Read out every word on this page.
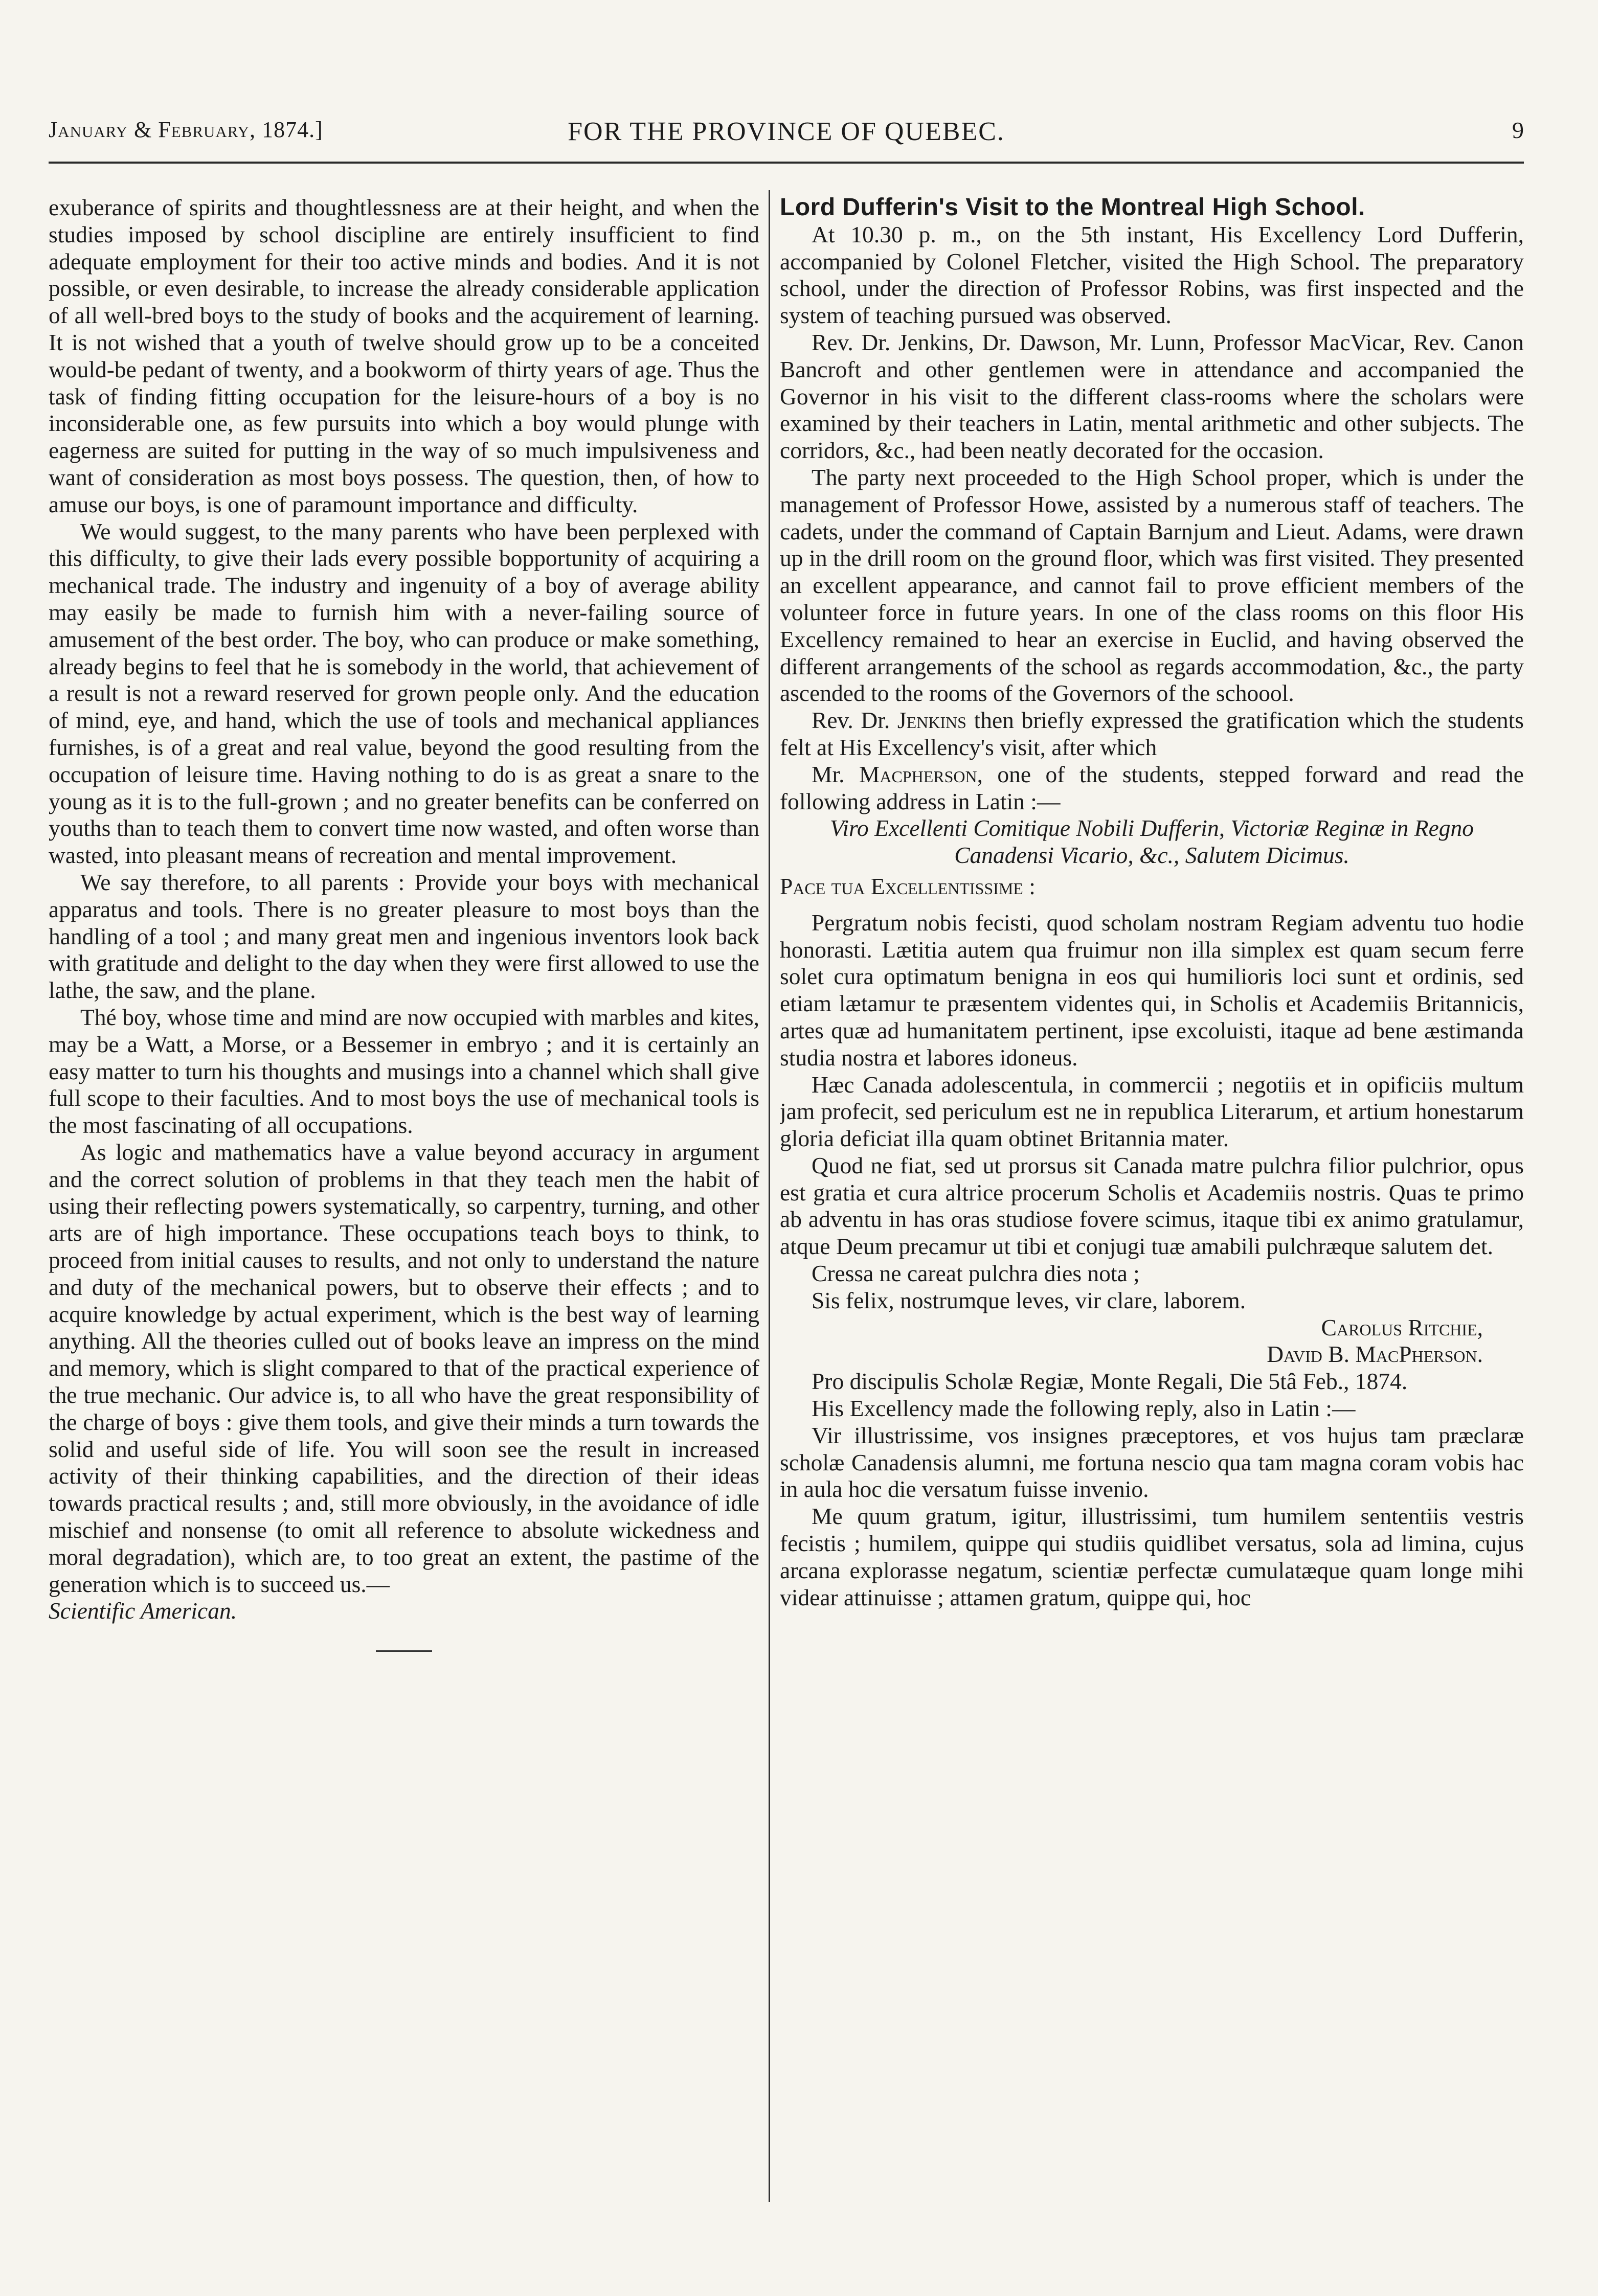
January & February, 1874.]	FOR THE PROVINCE OF QUEBEC.	9

exuberance of spirits and thoughtlessness are at their height, and when the studies imposed by school discipline are entirely insufficient to find adequate employment for their too active minds and bodies. And it is not possible, or even desirable, to increase the already considerable application of all well-bred boys to the study of books and the acquirement of learning. It is not wished that a youth of twelve should grow up to be a conceited would-be pedant of twenty, and a bookworm of thirty years of age. Thus the task of finding fitting occupation for the leisure-hours of a boy is no inconsiderable one, as few pursuits into which a boy would plunge with eagerness are suited for putting in the way of so much impulsiveness and want of consideration as most boys possess. The question, then, of how to amuse our boys, is one of paramount importance and difficulty.

We would suggest, to the many parents who have been perplexed with this difficulty, to give their lads every possible bopportunity of acquiring a mechanical trade. The industry and ingenuity of a boy of average ability may easily be made to furnish him with a never-failing source of amusement of the best order. The boy, who can produce or make something, already begins to feel that he is somebody in the world, that achievement of a result is not a reward reserved for grown people only. And the education of mind, eye, and hand, which the use of tools and mechanical appliances furnishes, is of a great and real value, beyond the good resulting from the occupation of leisure time. Having nothing to do is as great a snare to the young as it is to the full-grown ; and no greater benefits can be conferred on youths than to teach them to convert time now wasted, and often worse than wasted, into pleasant means of recreation and mental improvement.

We say therefore, to all parents : Provide your boys with mechanical apparatus and tools. There is no greater pleasure to most boys than the handling of a tool ; and many great men and ingenious inventors look back with gratitude and delight to the day when they were first allowed to use the lathe, the saw, and the plane.

Thé boy, whose time and mind are now occupied with marbles and kites, may be a Watt, a Morse, or a Bessemer in embryo ; and it is certainly an easy matter to turn his thoughts and musings into a channel which shall give full scope to their faculties. And to most boys the use of mechanical tools is the most fascinating of all occupations.

As logic and mathematics have a value beyond accuracy in argument and the correct solution of problems in that they teach men the habit of using their reflecting powers systematically, so carpentry, turning, and other arts are of high importance. These occupations teach boys to think, to proceed from initial causes to results, and not only to understand the nature and duty of the mechanical powers, but to observe their effects ; and to acquire knowledge by actual experiment, which is the best way of learning anything. All the theories culled out of books leave an impress on the mind and memory, which is slight compared to that of the practical experience of the true mechanic. Our advice is, to all who have the great responsibility of the charge of boys : give them tools, and give their minds a turn towards the solid and useful side of life. You will soon see the result in increased activity of their thinking capabilities, and the direction of their ideas towards practical results ; and, still more obviously, in the avoidance of idle mischief and nonsense (to omit all reference to absolute wickedness and moral degradation), which are, to too great an extent, the pastime of the generation which is to succeed us.—

Scientific American.

Lord Dufferin's Visit to the Montreal High School.

At 10.30 p. m., on the 5th instant, His Excellency Lord Dufferin, accompanied by Colonel Fletcher, visited the High School. The preparatory school, under the direction of Professor Robins, was first inspected and the system of teaching pursued was observed.

Rev. Dr. Jenkins, Dr. Dawson, Mr. Lunn, Professor MacVicar, Rev. Canon Bancroft and other gentlemen were in attendance and accompanied the Governor in his visit to the different class-rooms where the scholars were examined by their teachers in Latin, mental arithmetic and other subjects. The corridors, &c., had been neatly decorated for the occasion.

The party next proceeded to the High School proper, which is under the management of Professor Howe, assisted by a numerous staff of teachers. The cadets, under the command of Captain Barnjum and Lieut. Adams, were drawn up in the drill room on the ground floor, which was first visited. They presented an excellent appearance, and cannot fail to prove efficient members of the volunteer force in future years. In one of the class rooms on this floor His Excellency remained to hear an exercise in Euclid, and having observed the different arrangements of the school as regards accommodation, &c., the party ascended to the rooms of the Governors of the schoool.

Rev. Dr. Jenkins then briefly expressed the gratification which the students felt at His Excellency's visit, after which

Mr. Macpherson, one of the students, stepped forward and read the following address in Latin :—

Viro Excellenti Comitique Nobili Dufferin, Victoriæ Reginæ in Regno Canadensi Vicario, &c., Salutem Dicimus.

Pace tua Excellentissime :

Pergratum nobis fecisti, quod scholam nostram Regiam adventu tuo hodie honorasti. Lætitia autem qua fruimur non illa simplex est quam secum ferre solet cura optimatum benigna in eos qui humilioris loci sunt et ordinis, sed etiam lætamur te præsentem videntes qui, in Scholis et Academiis Britannicis, artes quæ ad humanitatem pertinent, ipse excoluisti, itaque ad bene æstimanda studia nostra et labores idoneus.

Hæc Canada adolescentula, in commercii ; negotiis et in opificiis multum jam profecit, sed periculum est ne in republica Literarum, et artium honestarum gloria deficiat illa quam obtinet Britannia mater.

Quod ne fiat, sed ut prorsus sit Canada matre pulchra filior pulchrior, opus est gratia et cura altrice procerum Scholis et Academiis nostris. Quas te primo ab adventu in has oras studiose fovere scimus, itaque tibi ex animo gratulamur, atque Deum precamur ut tibi et conjugi tuæ amabili pulchræque salutem det.

Cressa ne careat pulchra dies nota ;

Sis felix, nostrumque leves, vir clare, laborem.

Carolus Ritchie,

David B. MacPherson.

Pro discipulis Scholæ Regiæ, Monte Regali, Die 5tâ Feb., 1874.

His Excellency made the following reply, also in Latin :—

Vir illustrissime, vos insignes præceptores, et vos hujus tam præclaræ scholæ Canadensis alumni, me fortuna nescio qua tam magna coram vobis hac in aula hoc die versatum fuisse invenio.

Me quum gratum, igitur, illustrissimi, tum humilem sententiis vestris fecistis ; humilem, quippe qui studiis quidlibet versatus, sola ad limina, cujus arcana explorasse negatum, scientiæ perfectæ cumulatæque quam longe mihi videar attinuisse ; attamen gratum, quippe qui, hoc
